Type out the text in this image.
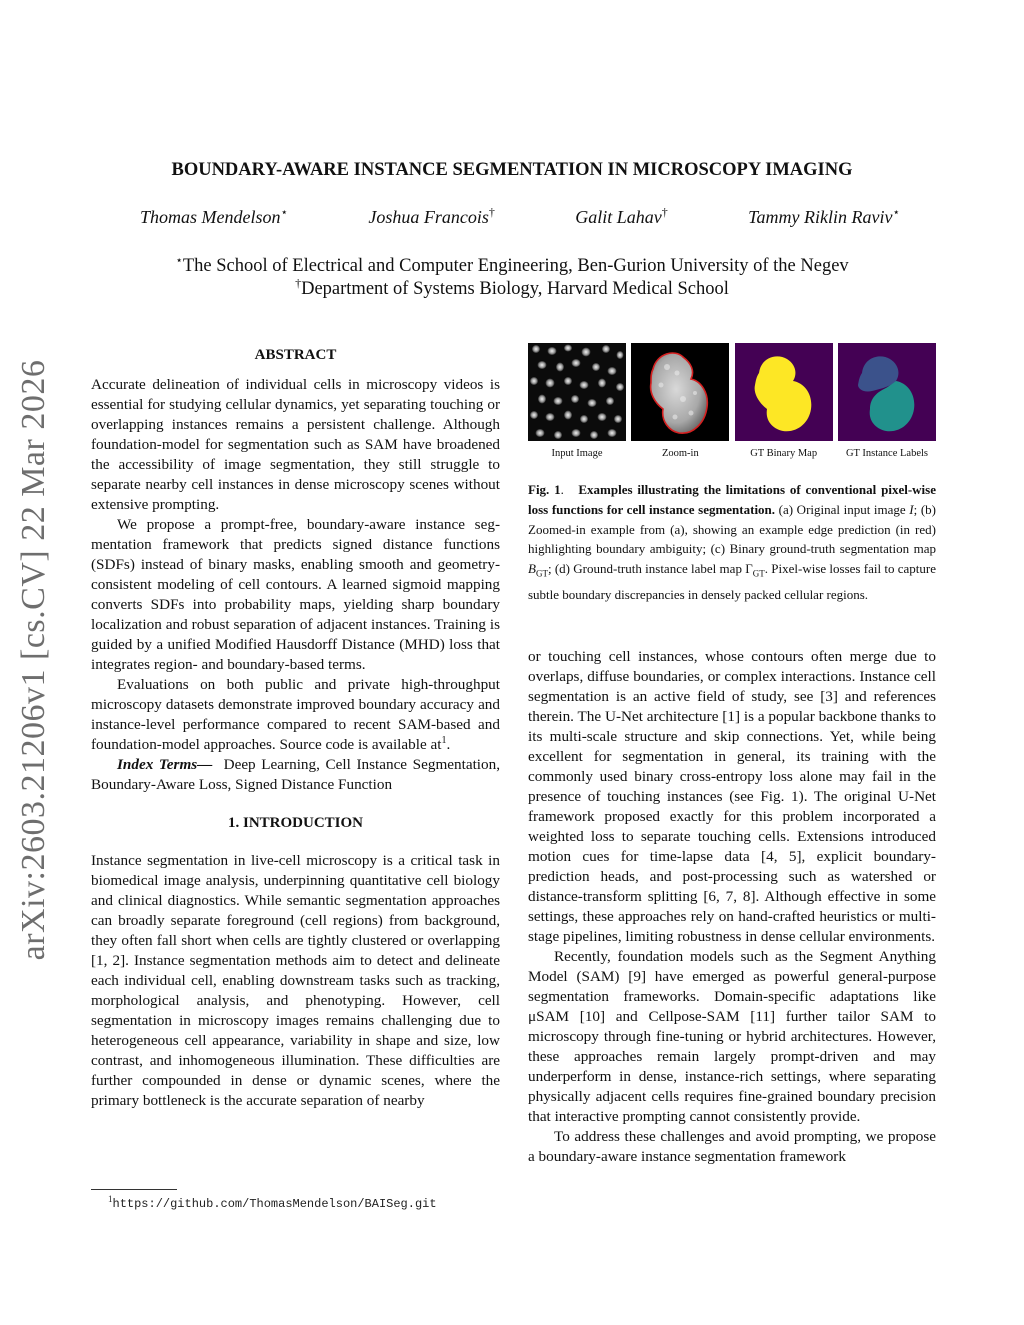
arXiv:2603.21206v1 [cs.CV] 22 Mar 2026
BOUNDARY-AWARE INSTANCE SEGMENTATION IN MICROSCOPY IMAGING
Thomas Mendelson⋆	Joshua Francois†	Galit Lahav†	Tammy Riklin Raviv⋆
⋆The School of Electrical and Computer Engineering, Ben-Gurion University of the Negev
†Department of Systems Biology, Harvard Medical School
ABSTRACT

Accurate delineation of individual cells in microscopy videos is essential for studying cellular dynamics, yet separating touching or overlapping instances remains a persistent challenge. Although foundation-model for segmentation such as SAM have broadened the accessibility of image segmentation, they still struggle to separate nearby cell instances in dense microscopy scenes without extensive prompting.

We propose a prompt-free, boundary-aware instance segmentation framework that predicts signed distance functions (SDFs) instead of binary masks, enabling smooth and geometry-consistent modeling of cell contours. A learned sigmoid mapping converts SDFs into probability maps, yielding sharp boundary localization and robust separation of adjacent instances. Training is guided by a unified Modified Hausdorff Distance (MHD) loss that integrates region- and boundary-based terms.

Evaluations on both public and private high-throughput microscopy datasets demonstrate improved boundary accuracy and instance-level performance compared to recent SAM-based and foundation-model approaches. Source code is available at$^1$.

Index Terms— Deep Learning, Cell Instance Segmentation, Boundary-Aware Loss, Signed Distance Function

1. INTRODUCTION

Instance segmentation in live-cell microscopy is a critical task in biomedical image analysis, underpinning quantitative cell biology and clinical diagnostics. While semantic segmentation approaches can broadly separate foreground (cell regions) from background, they often fall short when cells are tightly clustered or overlapping [1, 2]. Instance segmentation methods aim to detect and delineate each individual cell, enabling downstream tasks such as tracking, morphological analysis, and phenotyping. However, cell segmentation in microscopy images remains challenging due to heterogeneous cell appearance, variability in shape and size, low contrast, and inhomogeneous illumination. These difficulties are further compounded in dense or dynamic scenes, where the primary bottleneck is the accurate separation of nearby

$^1$https://github.com/ThomasMendelson/BAISeg.git
Input Image	Zoom-in	GT Binary Map	GT Instance Labels
Fig. 1.   Examples illustrating the limitations of conventional pixel-wise loss functions for cell instance segmentation. (a) Original input image I; (b) Zoomed-in example from (a), showing an example edge prediction (in red) highlighting boundary ambiguity; (c) Binary ground-truth segmentation map $B_{GT}$; (d) Ground-truth instance label map $\Gamma_{GT}$. Pixel-wise losses fail to capture subtle boundary discrepancies in densely packed cellular regions.

or touching cell instances, whose contours often merge due to overlaps, diffuse boundaries, or complex interactions. Instance cell segmentation is an active field of study, see [3] and references therein. The U-Net architecture [1] is a popular backbone thanks to its multi-scale structure and skip connections. Yet, while being excellent for segmentation in general, its training with the commonly used binary cross-entropy loss alone may fail in the presence of touching instances (see Fig. 1). The original U-Net framework proposed exactly for this problem incorporated a weighted loss to separate touching cells. Extensions introduced motion cues for time-lapse data [4, 5], explicit boundary-prediction heads, and post-processing such as watershed or distance-transform splitting [6, 7, 8]. Although effective in some settings, these approaches rely on hand-crafted heuristics or multi-stage pipelines, limiting robustness in dense cellular environments.

Recently, foundation models such as the Segment Anything Model (SAM) [9] have emerged as powerful general-purpose segmentation frameworks. Domain-specific adaptations like μSAM [10] and Cellpose-SAM [11] further tailor SAM to microscopy through fine-tuning or hybrid architectures. However, these approaches remain largely prompt-driven and may underperform in dense, instance-rich settings, where separating physically adjacent cells requires fine-grained boundary precision that interactive prompting cannot consistently provide.

To address these challenges and avoid prompting, we propose a boundary-aware instance segmentation framework
